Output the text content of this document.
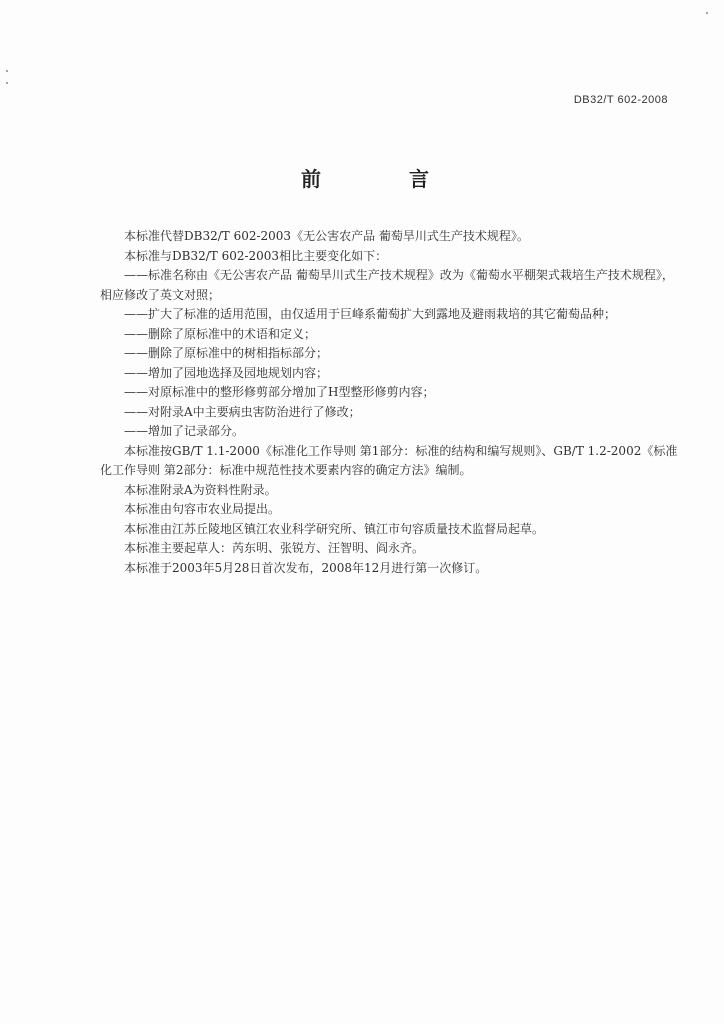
DB32/T 602-2008
前　言

本标准代替DB32/T 602-2003《无公害农产品 葡萄旱川式生产技术规程》。

本标准与DB32/T 602-2003相比主要变化如下：

——标准名称由《无公害农产品 葡萄旱川式生产技术规程》改为《葡萄水平棚架式栽培生产技术规程》，相应修改了英文对照；

——扩大了标准的适用范围，由仅适用于巨峰系葡萄扩大到露地及避雨栽培的其它葡萄品种；

——删除了原标准中的术语和定义；

——删除了原标准中的树相指标部分；

——增加了园地选择及园地规划内容；

——对原标准中的整形修剪部分增加了H型整形修剪内容；

——对附录A中主要病虫害防治进行了修改；

——增加了记录部分。

本标准按GB/T 1.1-2000《标准化工作导则 第1部分：标准的结构和编写规则》、GB/T 1.2-2002《标准化工作导则 第2部分：标准中规范性技术要素内容的确定方法》编制。

本标准附录A为资料性附录。

本标准由句容市农业局提出。

本标准由江苏丘陵地区镇江农业科学研究所、镇江市句容质量技术监督局起草。

本标准主要起草人：芮东明、张锐方、汪智明、阎永齐。

本标准于2003年5月28日首次发布，2008年12月进行第一次修订。
